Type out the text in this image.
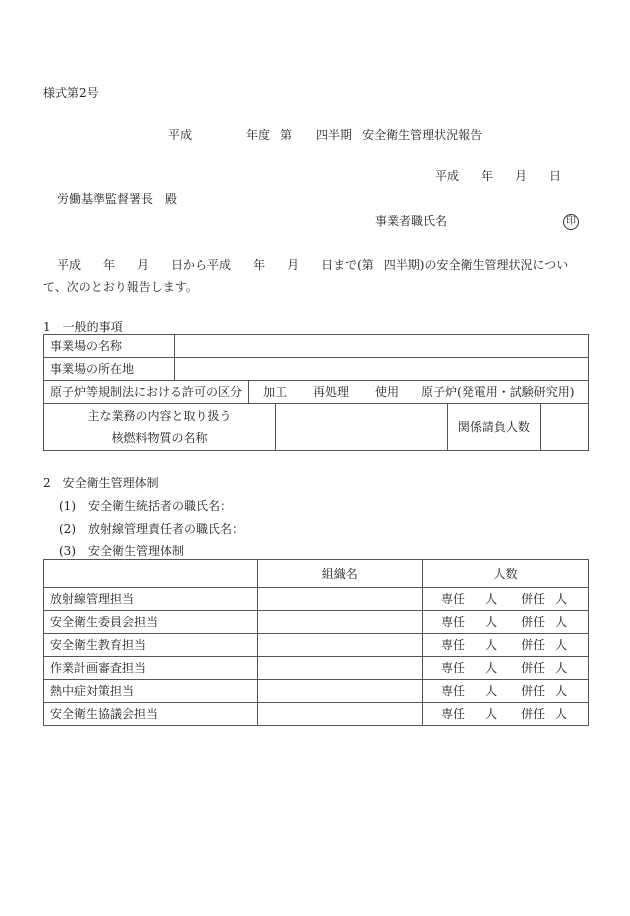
様式第2号
平成	年度 第 四半期 安全衛生管理状況報告
平成 年 月 日
労働基準監督署長 殿
事業者職氏名	印
平成 年 月 日から平成 年 月 日まで(第 四半期)の安全衛生管理状況につい
て、次のとおり報告します。
1　一般的事項
事業場の名称					
事業場の所在地					
原子炉等規制法における許可の区分		加工 再処理 使用 原子炉(発電用・試験研究用)			

主な業務の内容と取り扱う
核燃料物質の名称				関係請負人数	
2　安全衛生管理体制
(1) 安全衛生統括者の職氏名：
(2) 放射線管理責任者の職氏名：
(3) 安全衛生管理体制
	組織名	人数
放射線管理担当		専任 人 併任 人
安全衛生委員会担当		専任 人 併任 人
安全衛生教育担当		専任 人 併任 人
作業計画審査担当		専任 人 併任 人
熱中症対策担当		専任 人 併任 人
安全衛生協議会担当		専任 人 併任 人
